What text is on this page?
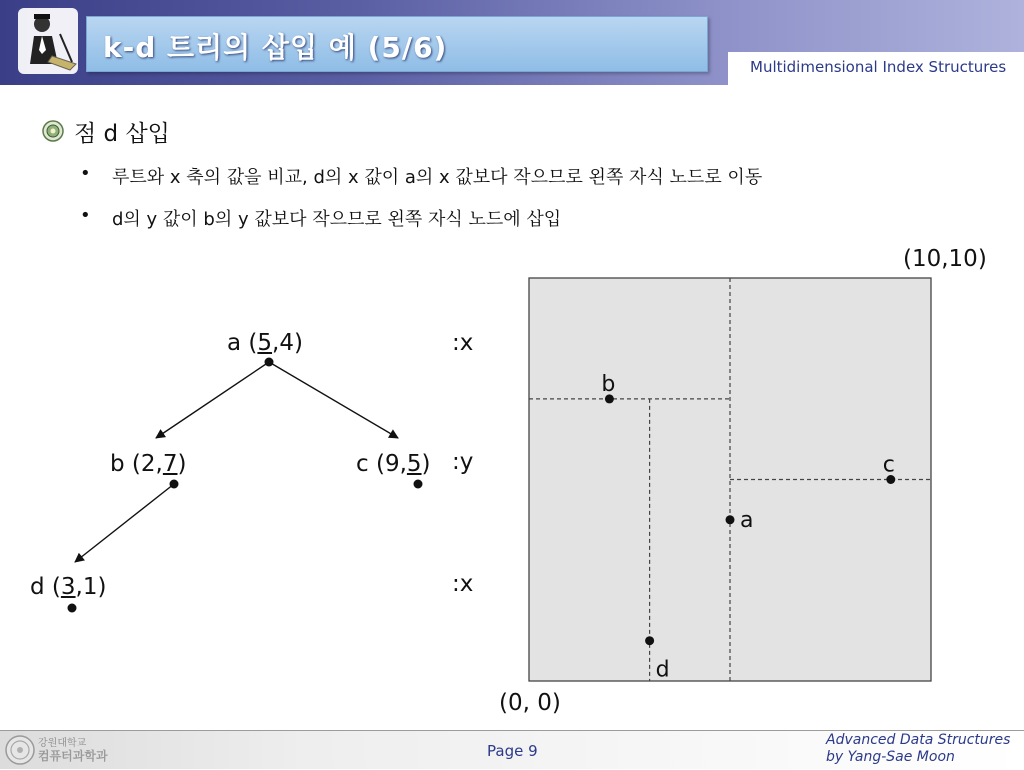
k-d 트리의 삽입 예 (5/6)
Multidimensional Index Structures
점 d 삽입
• 루트와 x 축의 값을 비교, d의 x 값이 a의 x 값보다 작으므로 왼쪽 자식 노드로 이동
• d의 y 값이 b의 y 값보다 작으므로 왼쪽 자식 노드에 삽입
a (5,4)
b (2,7)	c (9,5)
d (3,1)
:x
:y
:x
a
b
c
d
(10,10)
(0, 0)
강원대학교
컴퓨터과학과	Page 9
Advanced Data Structures
by Yang-Sae Moon
